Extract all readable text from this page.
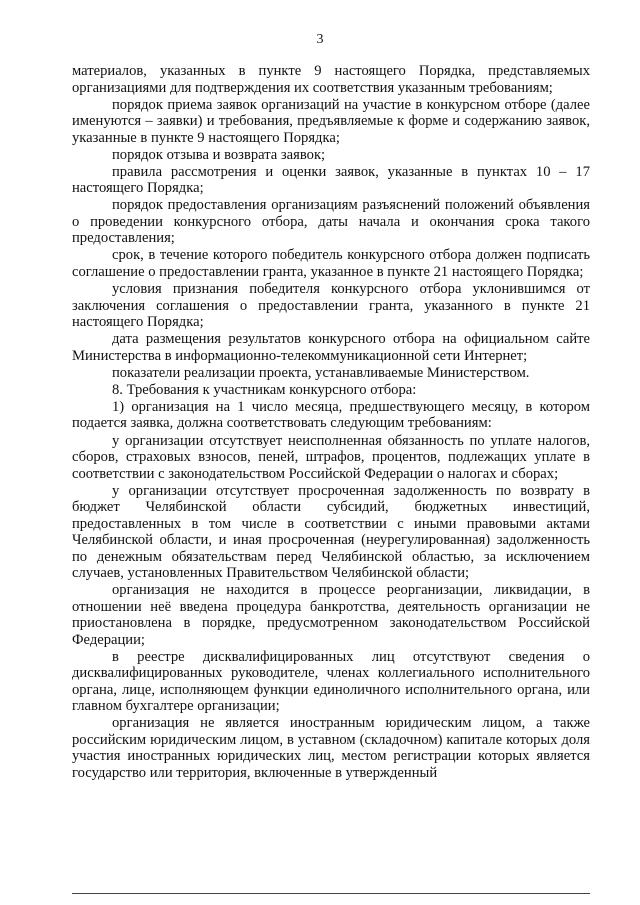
3

материалов, указанных в пункте 9 настоящего Порядка, представляемых организациями для подтверждения их соответствия указанным требованиям;

порядок приема заявок организаций на участие в конкурсном отборе (далее именуются – заявки) и требования, предъявляемые к форме и содержанию заявок, указанные в пункте 9 настоящего Порядка;

порядок отзыва и возврата заявок;

правила рассмотрения и оценки заявок, указанные в пунктах 10 – 17 настоящего Порядка;

порядок предоставления организациям разъяснений положений объявления о проведении конкурсного отбора, даты начала и окончания срока такого предоставления;

срок, в течение которого победитель конкурсного отбора должен подписать соглашение о предоставлении гранта, указанное в пункте 21 настоящего Порядка;

условия признания победителя конкурсного отбора уклонившимся от заключения соглашения о предоставлении гранта, указанного в пункте 21 настоящего Порядка;

дата размещения результатов конкурсного отбора на официальном сайте Министерства в информационно-телекоммуникационной сети Интернет;

показатели реализации проекта, устанавливаемые Министерством.

8. Требования к участникам конкурсного отбора:

1) организация на 1 число месяца, предшествующего месяцу, в котором подается заявка, должна соответствовать следующим требованиям:

у организации отсутствует неисполненная обязанность по уплате налогов, сборов, страховых взносов, пеней, штрафов, процентов, подлежащих уплате в соответствии с законодательством Российской Федерации о налогах и сборах;

у организации отсутствует просроченная задолженность по возврату в бюджет Челябинской области субсидий, бюджетных инвестиций, предоставленных в том числе в соответствии с иными правовыми актами Челябинской области, и иная просроченная (неурегулированная) задолженность по денежным обязательствам перед Челябинской областью, за исключением случаев, установленных Правительством Челябинской области;

организация не находится в процессе реорганизации, ликвидации, в отношении неё введена процедура банкротства, деятельность организации не приостановлена в порядке, предусмотренном законодательством Российской Федерации;

в реестре дисквалифицированных лиц отсутствуют сведения о дисквалифицированных руководителе, членах коллегиального исполнительного органа, лице, исполняющем функции единоличного исполнительного органа, или главном бухгалтере организации;

организация не является иностранным юридическим лицом, а также российским юридическим лицом, в уставном (складочном) капитале которых доля участия иностранных юридических лиц, местом регистрации которых является государство или территория, включенные в утвержденный
